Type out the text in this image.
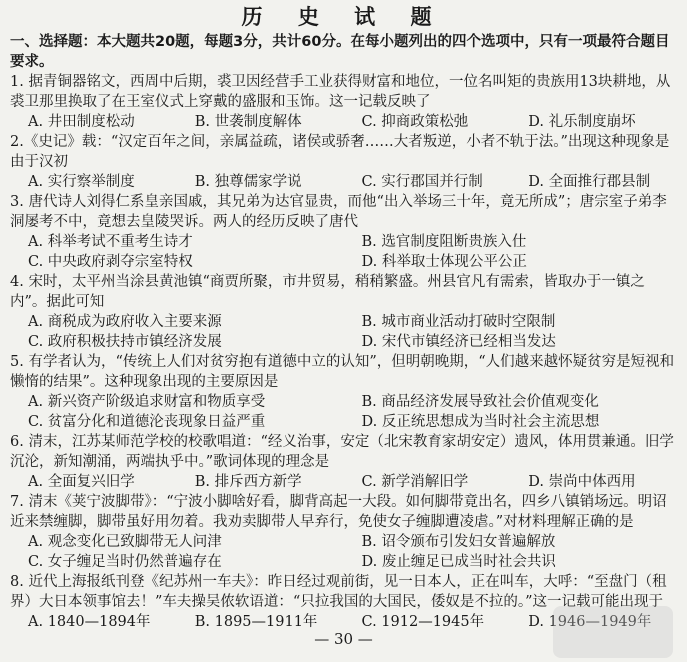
历 史 试 题

一、选择题：本大题共20题，每题3分，共计60分。在每小题列出的四个选项中，只有一项最符合题目要求。

1. 据青铜器铭文，西周中后期，裘卫因经营手工业获得财富和地位，一位名叫矩的贵族用13块耕地，从裘卫那里换取了在王室仪式上穿戴的盛服和玉饰。这一记载反映了

A. 井田制度松动	B. 世袭制度解体	C. 抑商政策松弛	D. 礼乐制度崩坏

2.《史记》载：“汉定百年之间，亲属益疏，诸侯或骄奢……大者叛逆，小者不轨于法。”出现这种现象是由于汉初

A. 实行察举制度	B. 独尊儒家学说	C. 实行郡国并行制	D. 全面推行郡县制

3. 唐代诗人刘得仁系皇亲国戚，其兄弟为达官显贵，而他“出入举场三十年，竟无所成”；唐宗室子弟李洞屡考不中，竟想去皇陵哭诉。两人的经历反映了唐代

A. 科举考试不重考生诗才	B. 选官制度阻断贵族入仕
C. 中央政府剥夺宗室特权	D. 科举取士体现公平公正

4. 宋时，太平州当涂县黄池镇“商贾所聚，市井贸易，稍稍繁盛。州县官凡有需索，皆取办于一镇之内”。据此可知

A. 商税成为政府收入主要来源	B. 城市商业活动打破时空限制
C. 政府积极扶持市镇经济发展	D. 宋代市镇经济已经相当发达

5. 有学者认为，“传统上人们对贫穷抱有道德中立的认知”，但明朝晚期，“人们越来越怀疑贫穷是短视和懒惰的结果”。这种现象出现的主要原因是

A. 新兴资产阶级追求财富和物质享受	B. 商品经济发展导致社会价值观变化
C. 贫富分化和道德沦丧现象日益严重	D. 反正统思想成为当时社会主流思想

6. 清末，江苏某师范学校的校歌唱道：“经义治事，安定（北宋教育家胡安定）遗风，体用贯兼通。旧学沉沦，新知潮涌，两端执乎中。”歌词体现的理念是

A. 全面复兴旧学	B. 排斥西方新学	C. 新学消解旧学	D. 崇尚中体西用

7. 清末《荚宁波脚带》：“宁波小脚啥好看，脚背高起一大段。如何脚带竟出名，四乡八镇销场远。明诏近来禁缠脚，脚带虽好用勿着。我劝卖脚带人早弃行，免使女子缠脚遭凌虐。”对材料理解正确的是

A. 观念变化已致脚带无人问津	B. 诏令颁布引发妇女普遍解放
C. 女子缠足当时仍然普遍存在	D. 废止缠足已成当时社会共识

8. 近代上海报纸刊登《纪苏州一车夫》：昨日经过观前街，见一日本人，正在叫车，大呼：“至盘门（租界）大日本领事馆去！”车夫操吴侬软语道：“只拉我国的大国民，倭奴是不拉的。”这一记载可能出现于

A. 1840—1894年	B. 1895—1911年	C. 1912—1945年	D. 1946—1949年
— 30 —
